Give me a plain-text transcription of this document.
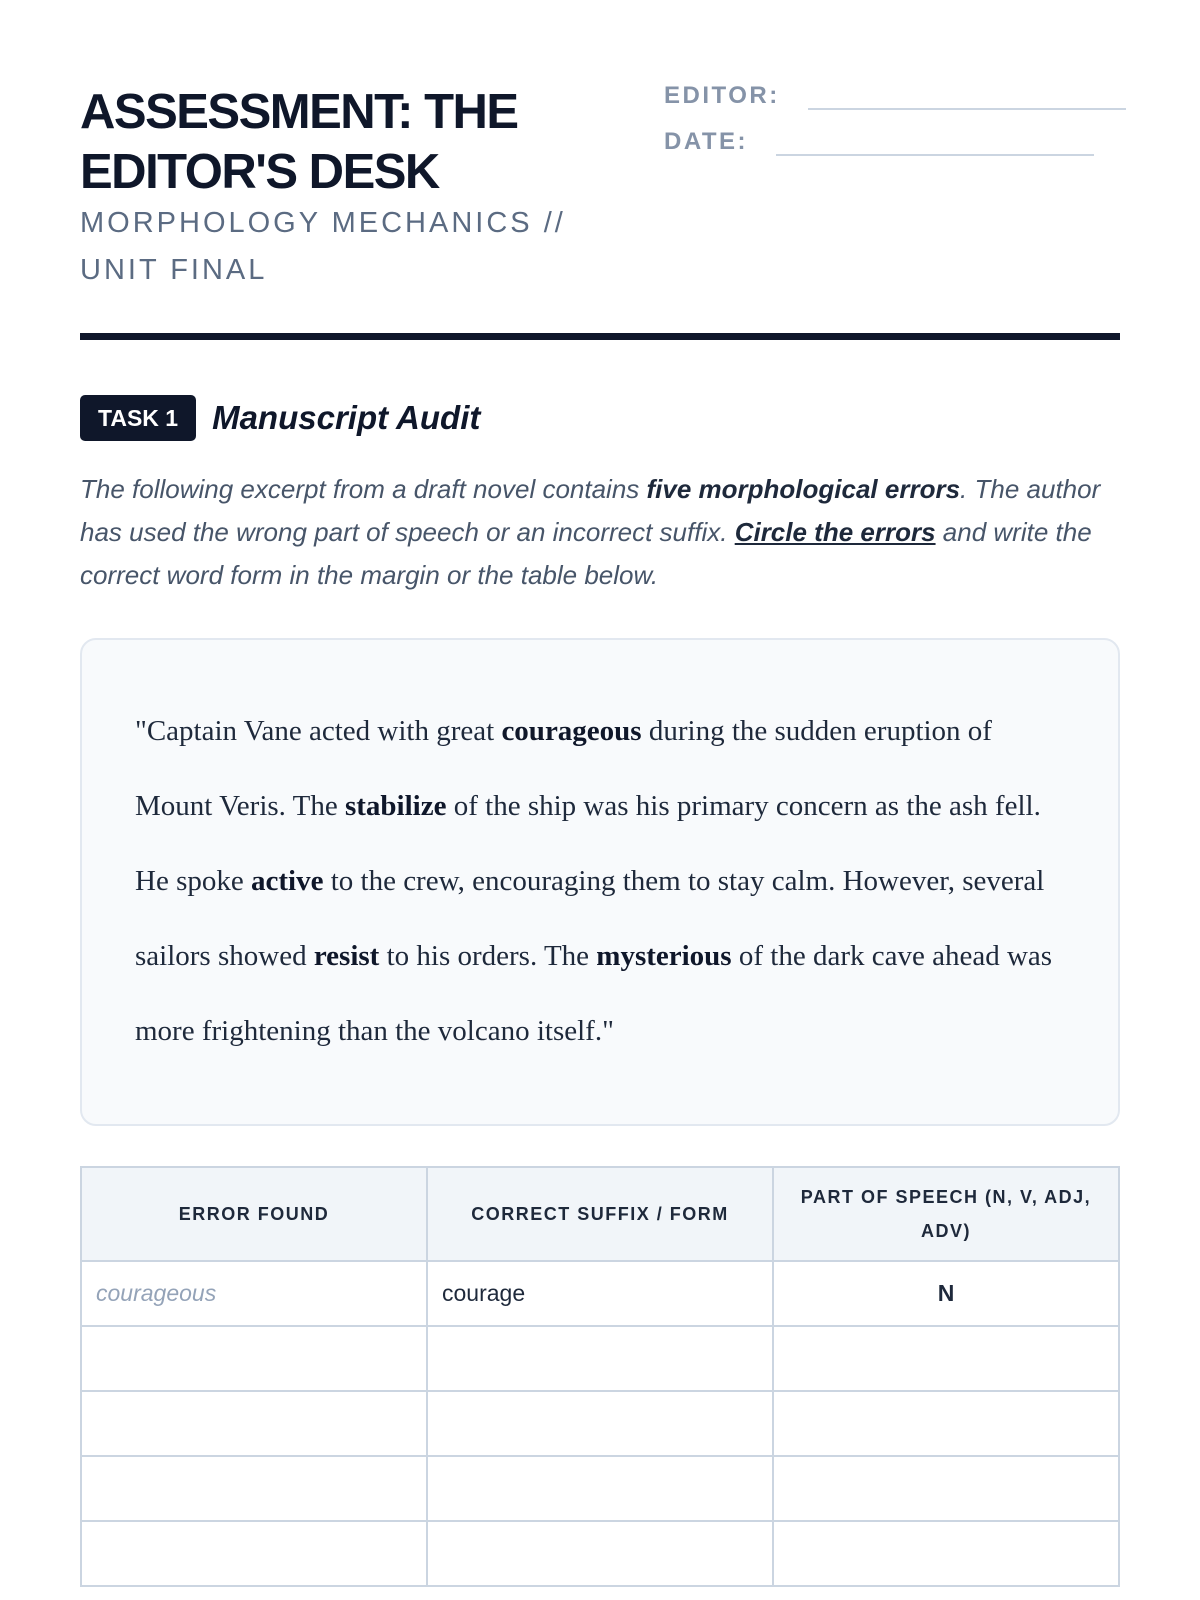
ASSESSMENT: THE EDITOR'S DESK
MORPHOLOGY MECHANICS // UNIT FINAL
EDITOR:
DATE:
TASK 1	Manuscript Audit

The following excerpt from a draft novel contains five morphological errors. The author has used the wrong part of speech or an incorrect suffix. Circle the errors and write the correct word form in the margin or the table below.

"Captain Vane acted with great courageous during the sudden eruption of Mount Veris. The stabilize of the ship was his primary concern as the ash fell. He spoke active to the crew, encouraging them to stay calm. However, several sailors showed resist to his orders. The mysterious of the dark cave ahead was more frightening than the volcano itself."

ERROR FOUND	CORRECT SUFFIX / FORM	PART OF SPEECH (N, V, ADJ, ADV)
courageous	courage	N
